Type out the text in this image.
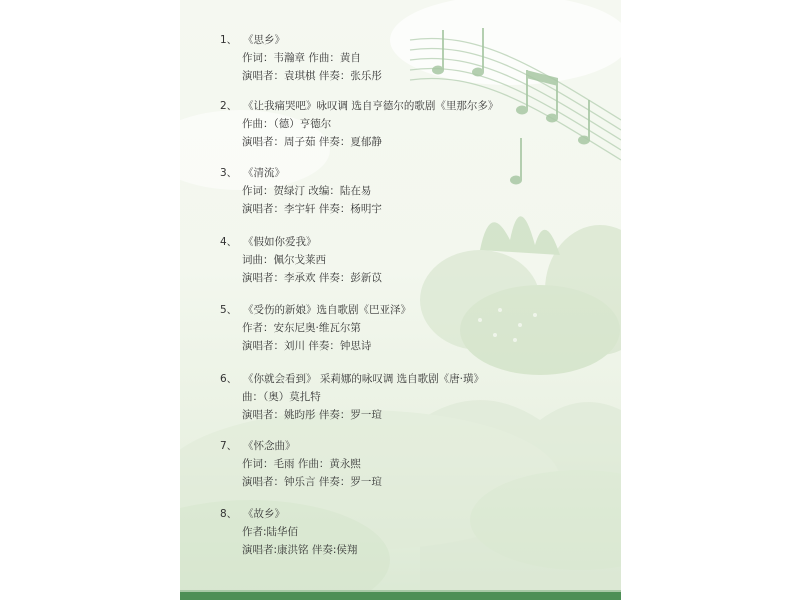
1、 《思乡》
作词：韦瀚章 作曲：黄自
演唱者：袁琪棋 伴奏：张乐彤
2、 《让我痛哭吧》咏叹调 选自亨德尔的歌剧《里那尔多》
作曲：（德）亨德尔
演唱者：周子茹 伴奏：夏郁静
3、 《清流》
作词：贺绿汀 改编：陆在易
演唱者：李宇轩 伴奏：杨明宇
4、 《假如你爱我》
词曲：佩尔戈莱西
演唱者：李承欢 伴奏：彭新苡
5、 《受伤的新娘》选自歌剧《巴亚泽》
作者：安东尼奥·维瓦尔第
演唱者：刘川 伴奏：钟思诗
6、 《你就会看到》 采莉娜的咏叹调 选自歌剧《唐·璜》
曲：（奥）莫扎特
演唱者：姚昀彤 伴奏：罗一瑄
7、 《怀念曲》
作词：毛雨 作曲：黄永熙
演唱者：钟乐言 伴奏：罗一瑄
8、 《故乡》
作者:陆华佰
演唱者:康洪铭 伴奏:侯翔
